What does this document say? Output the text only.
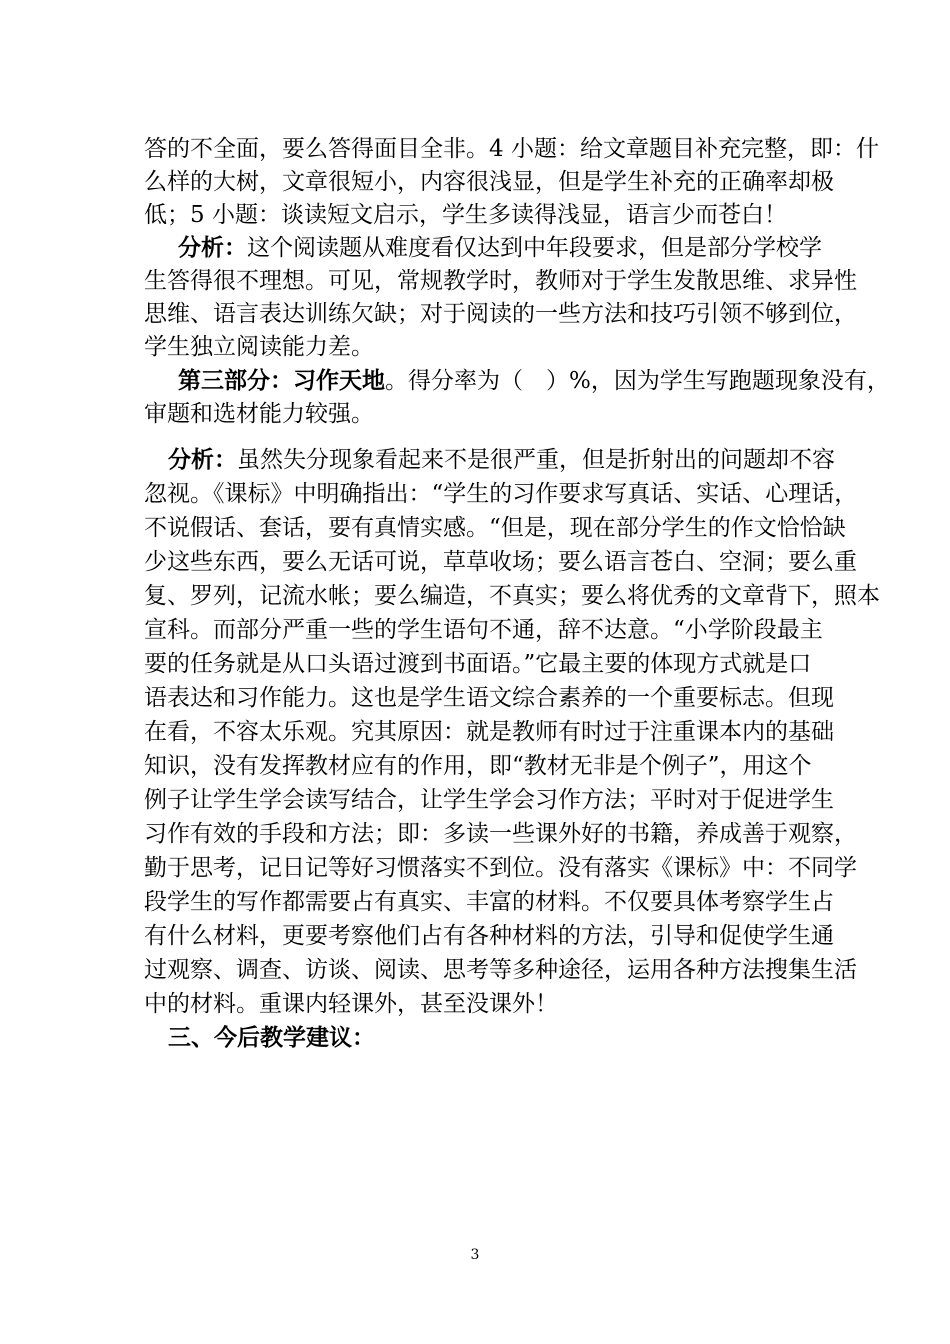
答的不全面，要么答得面目全非。4 小题：给文章题目补充完整，即：什
么样的大树，文章很短小，内容很浅显，但是学生补充的正确率却极
低；5 小题：谈读短文启示，学生多读得浅显，语言少而苍白！
分析：这个阅读题从难度看仅达到中年段要求，但是部分学校学
生答得很不理想。可见，常规教学时，教师对于学生发散思维、求异性
思维、语言表达训练欠缺；对于阅读的一些方法和技巧引领不够到位，
学生独立阅读能力差。
第三部分：习作天地。得分率为（　）%，因为学生写跑题现象没有，
审题和选材能力较强。
分析：虽然失分现象看起来不是很严重，但是折射出的问题却不容
忽视。《课标》中明确指出：“学生的习作要求写真话、实话、心理话，
不说假话、套话，要有真情实感。“但是，现在部分学生的作文恰恰缺
少这些东西，要么无话可说，草草收场；要么语言苍白、空洞；要么重
复、罗列，记流水帐；要么编造，不真实；要么将优秀的文章背下，照本
宣科。而部分严重一些的学生语句不通，辞不达意。“小学阶段最主
要的任务就是从口头语过渡到书面语。”它最主要的体现方式就是口
语表达和习作能力。这也是学生语文综合素养的一个重要标志。但现
在看，不容太乐观。究其原因：就是教师有时过于注重课本内的基础
知识，没有发挥教材应有的作用，即“教材无非是个例子”，用这个
例子让学生学会读写结合，让学生学会习作方法；平时对于促进学生
习作有效的手段和方法；即：多读一些课外好的书籍，养成善于观察，
勤于思考，记日记等好习惯落实不到位。没有落实《课标》中：不同学
段学生的写作都需要占有真实、丰富的材料。不仅要具体考察学生占
有什么材料，更要考察他们占有各种材料的方法，引导和促使学生通
过观察、调查、访谈、阅读、思考等多种途径，运用各种方法搜集生活
中的材料。重课内轻课外，甚至没课外！
三、今后教学建议：
3
